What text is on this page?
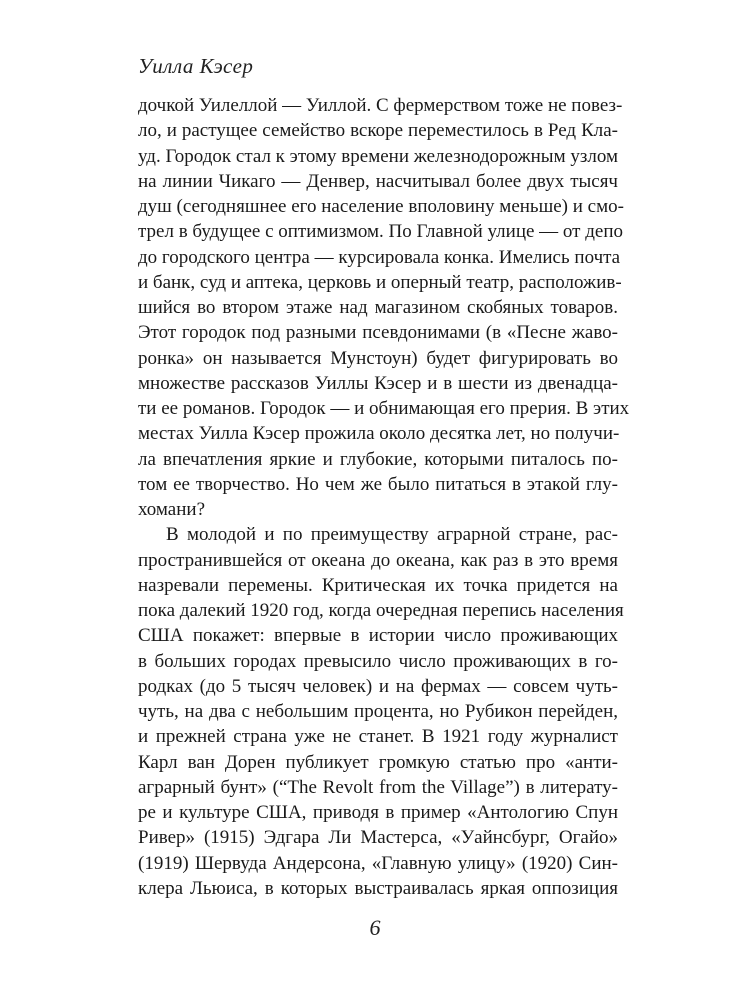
Уилла Кэсер
дочкой Уилеллой — Уиллой. С фермерством тоже не повез-
ло, и растущее семейство вскоре переместилось в Ред Кла-
уд. Городок стал к этому времени железнодорожным узлом
на линии Чикаго — Денвер, насчитывал более двух тысяч
душ (сегодняшнее его население вполовину меньше) и смо-
трел в будущее с оптимизмом. По Главной улице — от депо
до городского центра — курсировала конка. Имелись почта
и банк, суд и аптека, церковь и оперный театр, расположив-
шийся во втором этаже над магазином скобяных товаров.
Этот городок под разными псевдонимами (в «Песне жаво-
ронка» он называется Мунстоун) будет фигурировать во
множестве рассказов Уиллы Кэсер и в шести из двенадца-
ти ее романов. Городок — и обнимающая его прерия. В этих
местах Уилла Кэсер прожила около десятка лет, но получи-
ла впечатления яркие и глубокие, которыми питалось по-
том ее творчество. Но чем же было питаться в этакой глу-
хомани?
В молодой и по преимуществу аграрной стране, рас-
пространившейся от океана до океана, как раз в это время
назревали перемены. Критическая их точка придется на
пока далекий 1920 год, когда очередная перепись населения
США покажет: впервые в истории число проживающих
в больших городах превысило число проживающих в го-
родках (до 5 тысяч человек) и на фермах — совсем чуть-
чуть, на два с небольшим процента, но Рубикон перейден,
и прежней страна уже не станет. В 1921 году журналист
Карл ван Дорен публикует громкую статью про «анти-
аграрный бунт» (“The Revolt from the Village”) в литерату-
ре и культуре США, приводя в пример «Антологию Спун
Ривер» (1915) Эдгара Ли Мастерса, «Уайнсбург, Огайо»
(1919) Шервуда Андерсона, «Главную улицу» (1920) Син-
клера Льюиса, в которых выстраивалась яркая оппозиция
6
